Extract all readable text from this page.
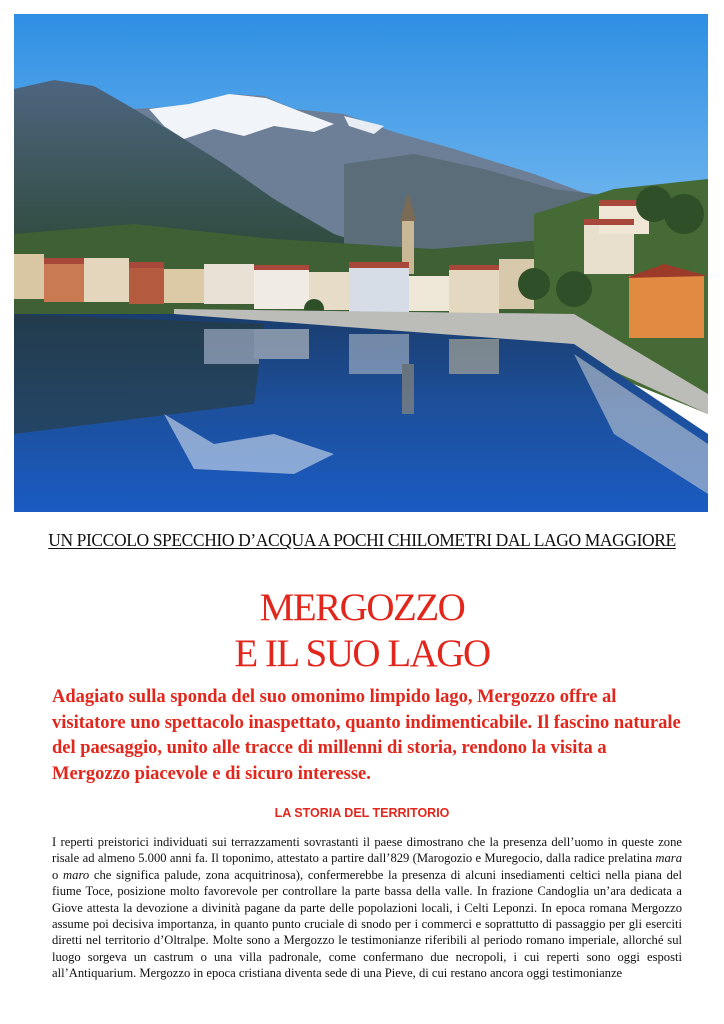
UN PICCOLO SPECCHIO D’ACQUA A POCHI CHILOMETRI DAL LAGO MAGGIORE
MERGOZZO
E IL SUO LAGO
Adagiato sulla sponda del suo omonimo limpido lago, Mergozzo offre al visitatore uno spettacolo inaspettato, quanto indimenticabile. Il fascino naturale del paesaggio, unito alle tracce di millenni di storia, rendono la visita a Mergozzo piacevole e di sicuro interesse.
LA STORIA DEL TERRITORIO

I reperti preistorici individuati sui terrazzamenti sovrastanti il paese dimostrano che la presenza dell’uomo in queste zone risale ad almeno 5.000 anni fa. Il toponimo, attestato a partire dall’829 (Marogozio e Muregocio, dalla radice prelatina mara o maro che significa palude, zona acquitrinosa), confermerebbe la presenza di alcuni insediamenti celtici nella piana del fiume Toce, posizione molto favorevole per controllare la parte bassa della valle. In frazione Candoglia un’ara dedicata a Giove attesta la devozione a divinità pagane da parte delle popolazioni locali, i Celti Leponzi. In epoca romana Mergozzo assume poi decisiva importanza, in quanto punto cruciale di snodo per i commerci e soprattutto di passaggio per gli eserciti diretti nel territorio d’Oltralpe. Molte sono a Mergozzo le testimonianze riferibili al periodo romano imperiale, allorché sul luogo sorgeva un castrum o una villa padronale, come confermano due necropoli, i cui reperti sono oggi esposti all’Antiquarium. Mergozzo in epoca cristiana diventa sede di una Pieve, di cui restano ancora oggi testimonianze
